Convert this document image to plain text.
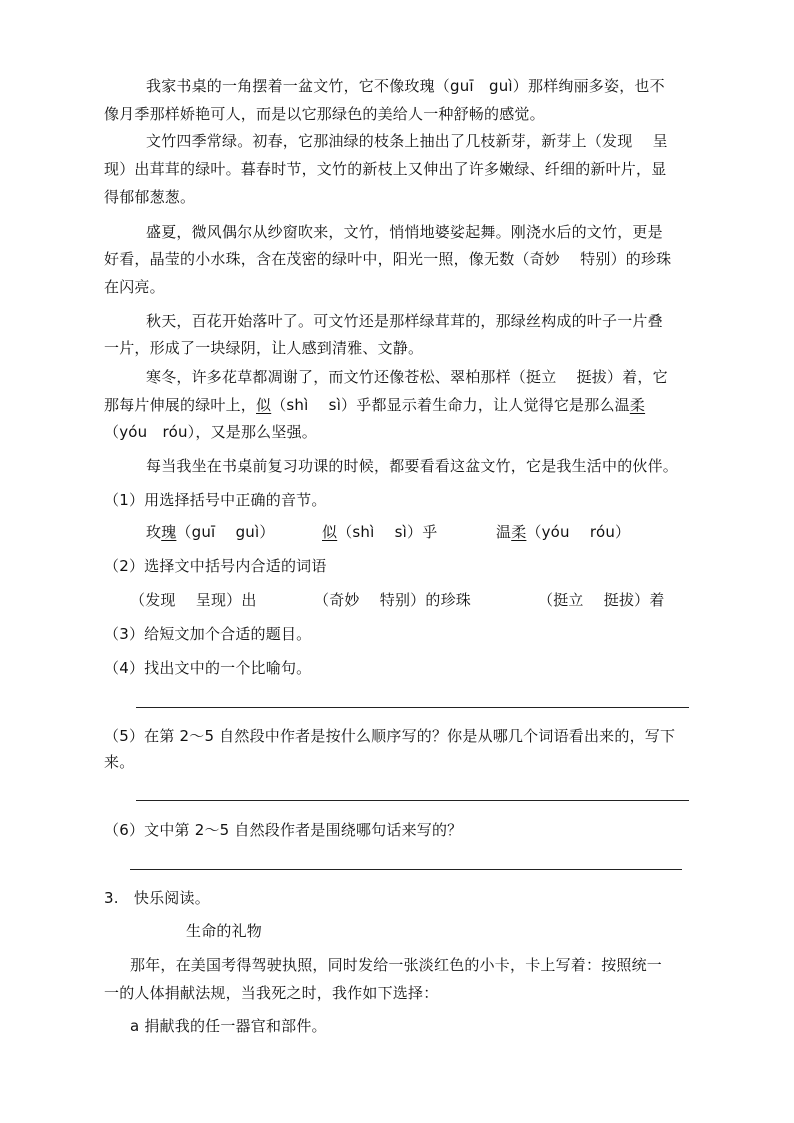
我家书桌的一角摆着一盆文竹，它不像玫瑰（guī　guì）那样绚丽多姿，也不
像月季那样娇艳可人，而是以它那绿色的美给人一种舒畅的感觉。
文竹四季常绿。初春，它那油绿的枝条上抽出了几枝新芽，新芽上（发现　 呈
现）出茸茸的绿叶。暮春时节，文竹的新枝上又伸出了许多嫩绿、纤细的新叶片，显
得郁郁葱葱。
盛夏，微风偶尔从纱窗吹来，文竹，悄悄地婆娑起舞。刚浇水后的文竹，更是
好看，晶莹的小水珠，含在茂密的绿叶中，阳光一照，像无数（奇妙　 特别）的珍珠
在闪亮。
秋天，百花开始落叶了。可文竹还是那样绿茸茸的，那绿丝构成的叶子一片叠
一片，形成了一块绿阴，让人感到清雅、文静。
寒冬，许多花草都凋谢了，而文竹还像苍松、翠柏那样（挺立　 挺拔）着，它
那每片伸展的绿叶上，似（shì　 sì）乎都显示着生命力，让人觉得它是那么温柔
（yóu　róu），又是那么坚强。
每当我坐在书桌前复习功课的时候，都要看看这盆文竹，它是我生活中的伙伴。
（1）用选择括号中正确的音节。
玫瑰（guī　 guì）	似（shì　 sì）乎	温柔（yóu　 róu）
（2）选择文中括号内合适的词语
（发现　 呈现）出	（奇妙　 特别）的珍珠	（挺立　 挺拔）着
（3）给短文加个合适的题目。
（4）找出文中的一个比喻句。
（5）在第 2～5 自然段中作者是按什么顺序写的？你是从哪几个词语看出来的，写下
来。
（6）文中第 2～5 自然段作者是围绕哪句话来写的？
3.　快乐阅读。
生命的礼物
那年，在美国考得驾驶执照，同时发给一张淡红色的小卡，卡上写着：按照统一
一的人体捐献法规，当我死之时，我作如下选择：
a 捐献我的任一器官和部件。
